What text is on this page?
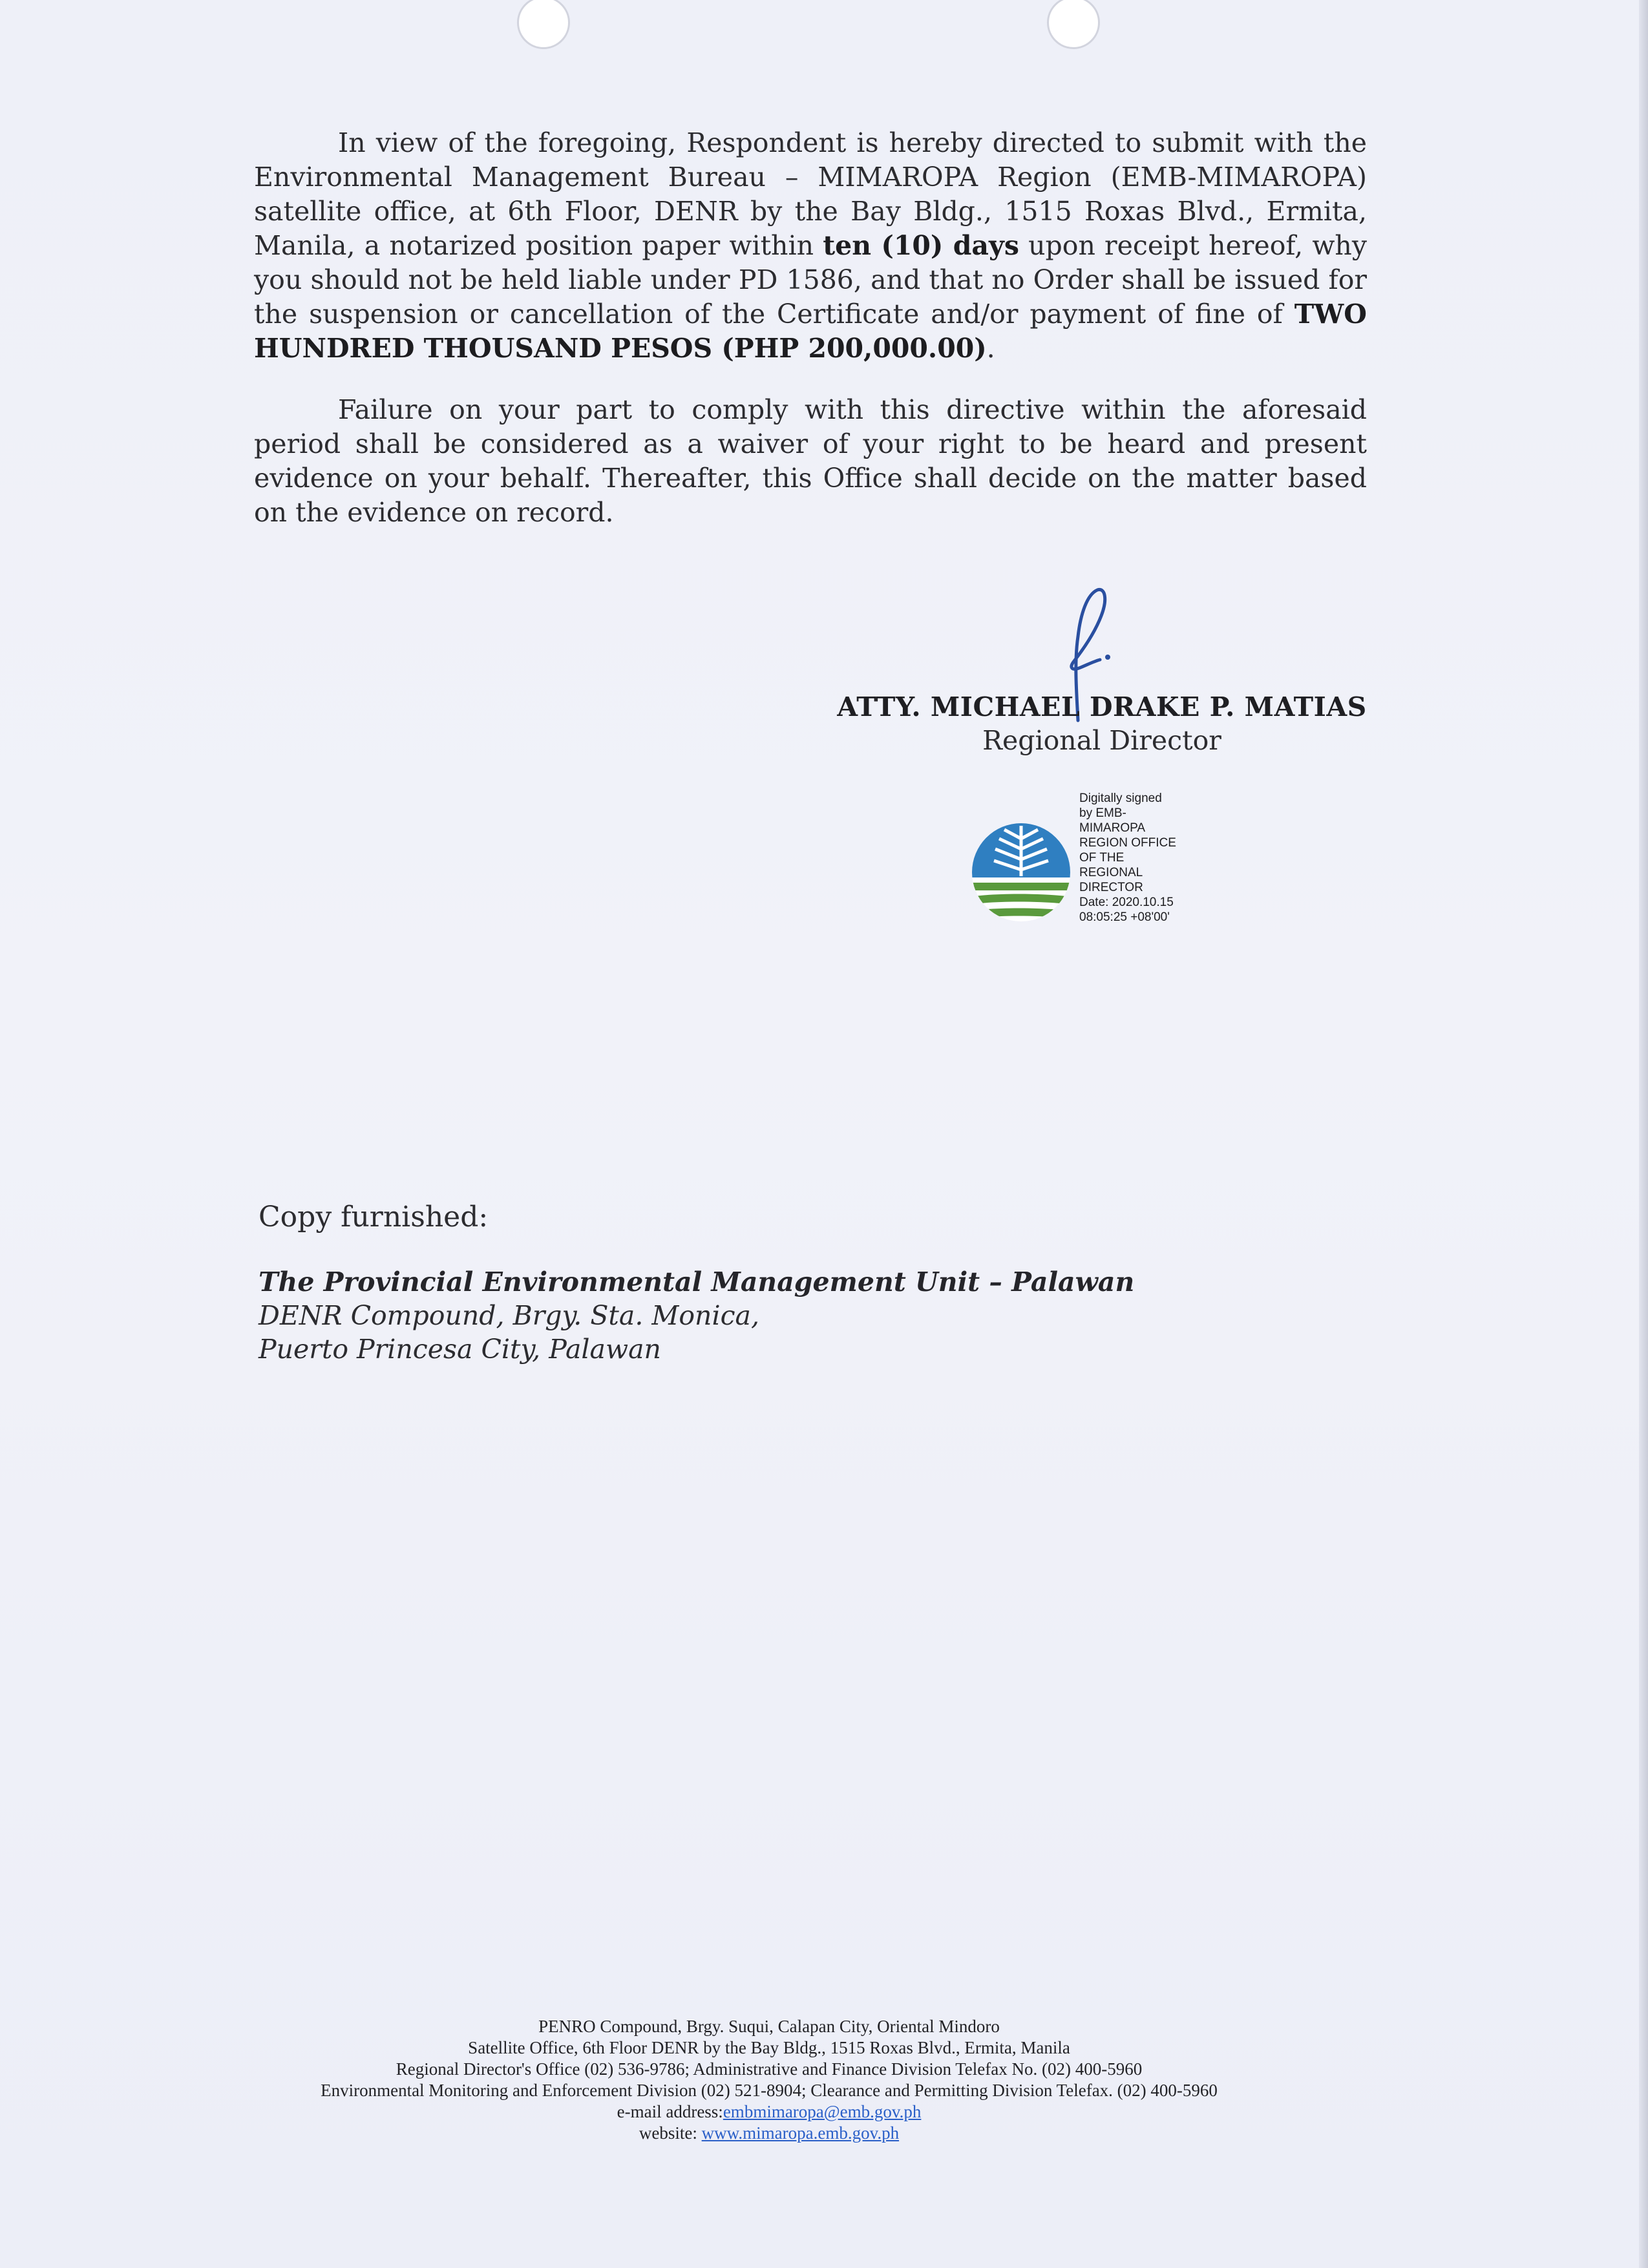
In view of the foregoing, Respondent is hereby directed to submit with the Environmental Management Bureau – MIMAROPA Region (EMB-MIMAROPA) satellite office, at 6th Floor, DENR by the Bay Bldg., 1515 Roxas Blvd., Ermita, Manila, a notarized position paper within ten (10) days upon receipt hereof, why you should not be held liable under PD 1586, and that no Order shall be issued for the suspension or cancellation of the Certificate and/or payment of fine of TWO HUNDRED THOUSAND PESOS (PHP 200,000.00).

Failure on your part to comply with this directive within the aforesaid period shall be considered as a waiver of your right to be heard and present evidence on your behalf. Thereafter, this Office shall decide on the matter based on the evidence on record.

ATTY. MICHAEL DRAKE P. MATIAS
Regional Director
Digitally signed
by EMB-
MIMAROPA
REGION OFFICE
OF THE
REGIONAL
DIRECTOR
Date: 2020.10.15
08:05:25 +08'00'
Copy furnished:
The Provincial Environmental Management Unit – Palawan
DENR Compound, Brgy. Sta. Monica,
Puerto Princesa City, Palawan
PENRO Compound, Brgy. Suqui, Calapan City, Oriental Mindoro
Satellite Office, 6th Floor DENR by the Bay Bldg., 1515 Roxas Blvd., Ermita, Manila
Regional Director's Office (02) 536-9786; Administrative and Finance Division Telefax No. (02) 400-5960
Environmental Monitoring and Enforcement Division (02) 521-8904; Clearance and Permitting Division Telefax. (02) 400-5960
e-mail address:embmimaropa@emb.gov.ph
website: www.mimaropa.emb.gov.ph
